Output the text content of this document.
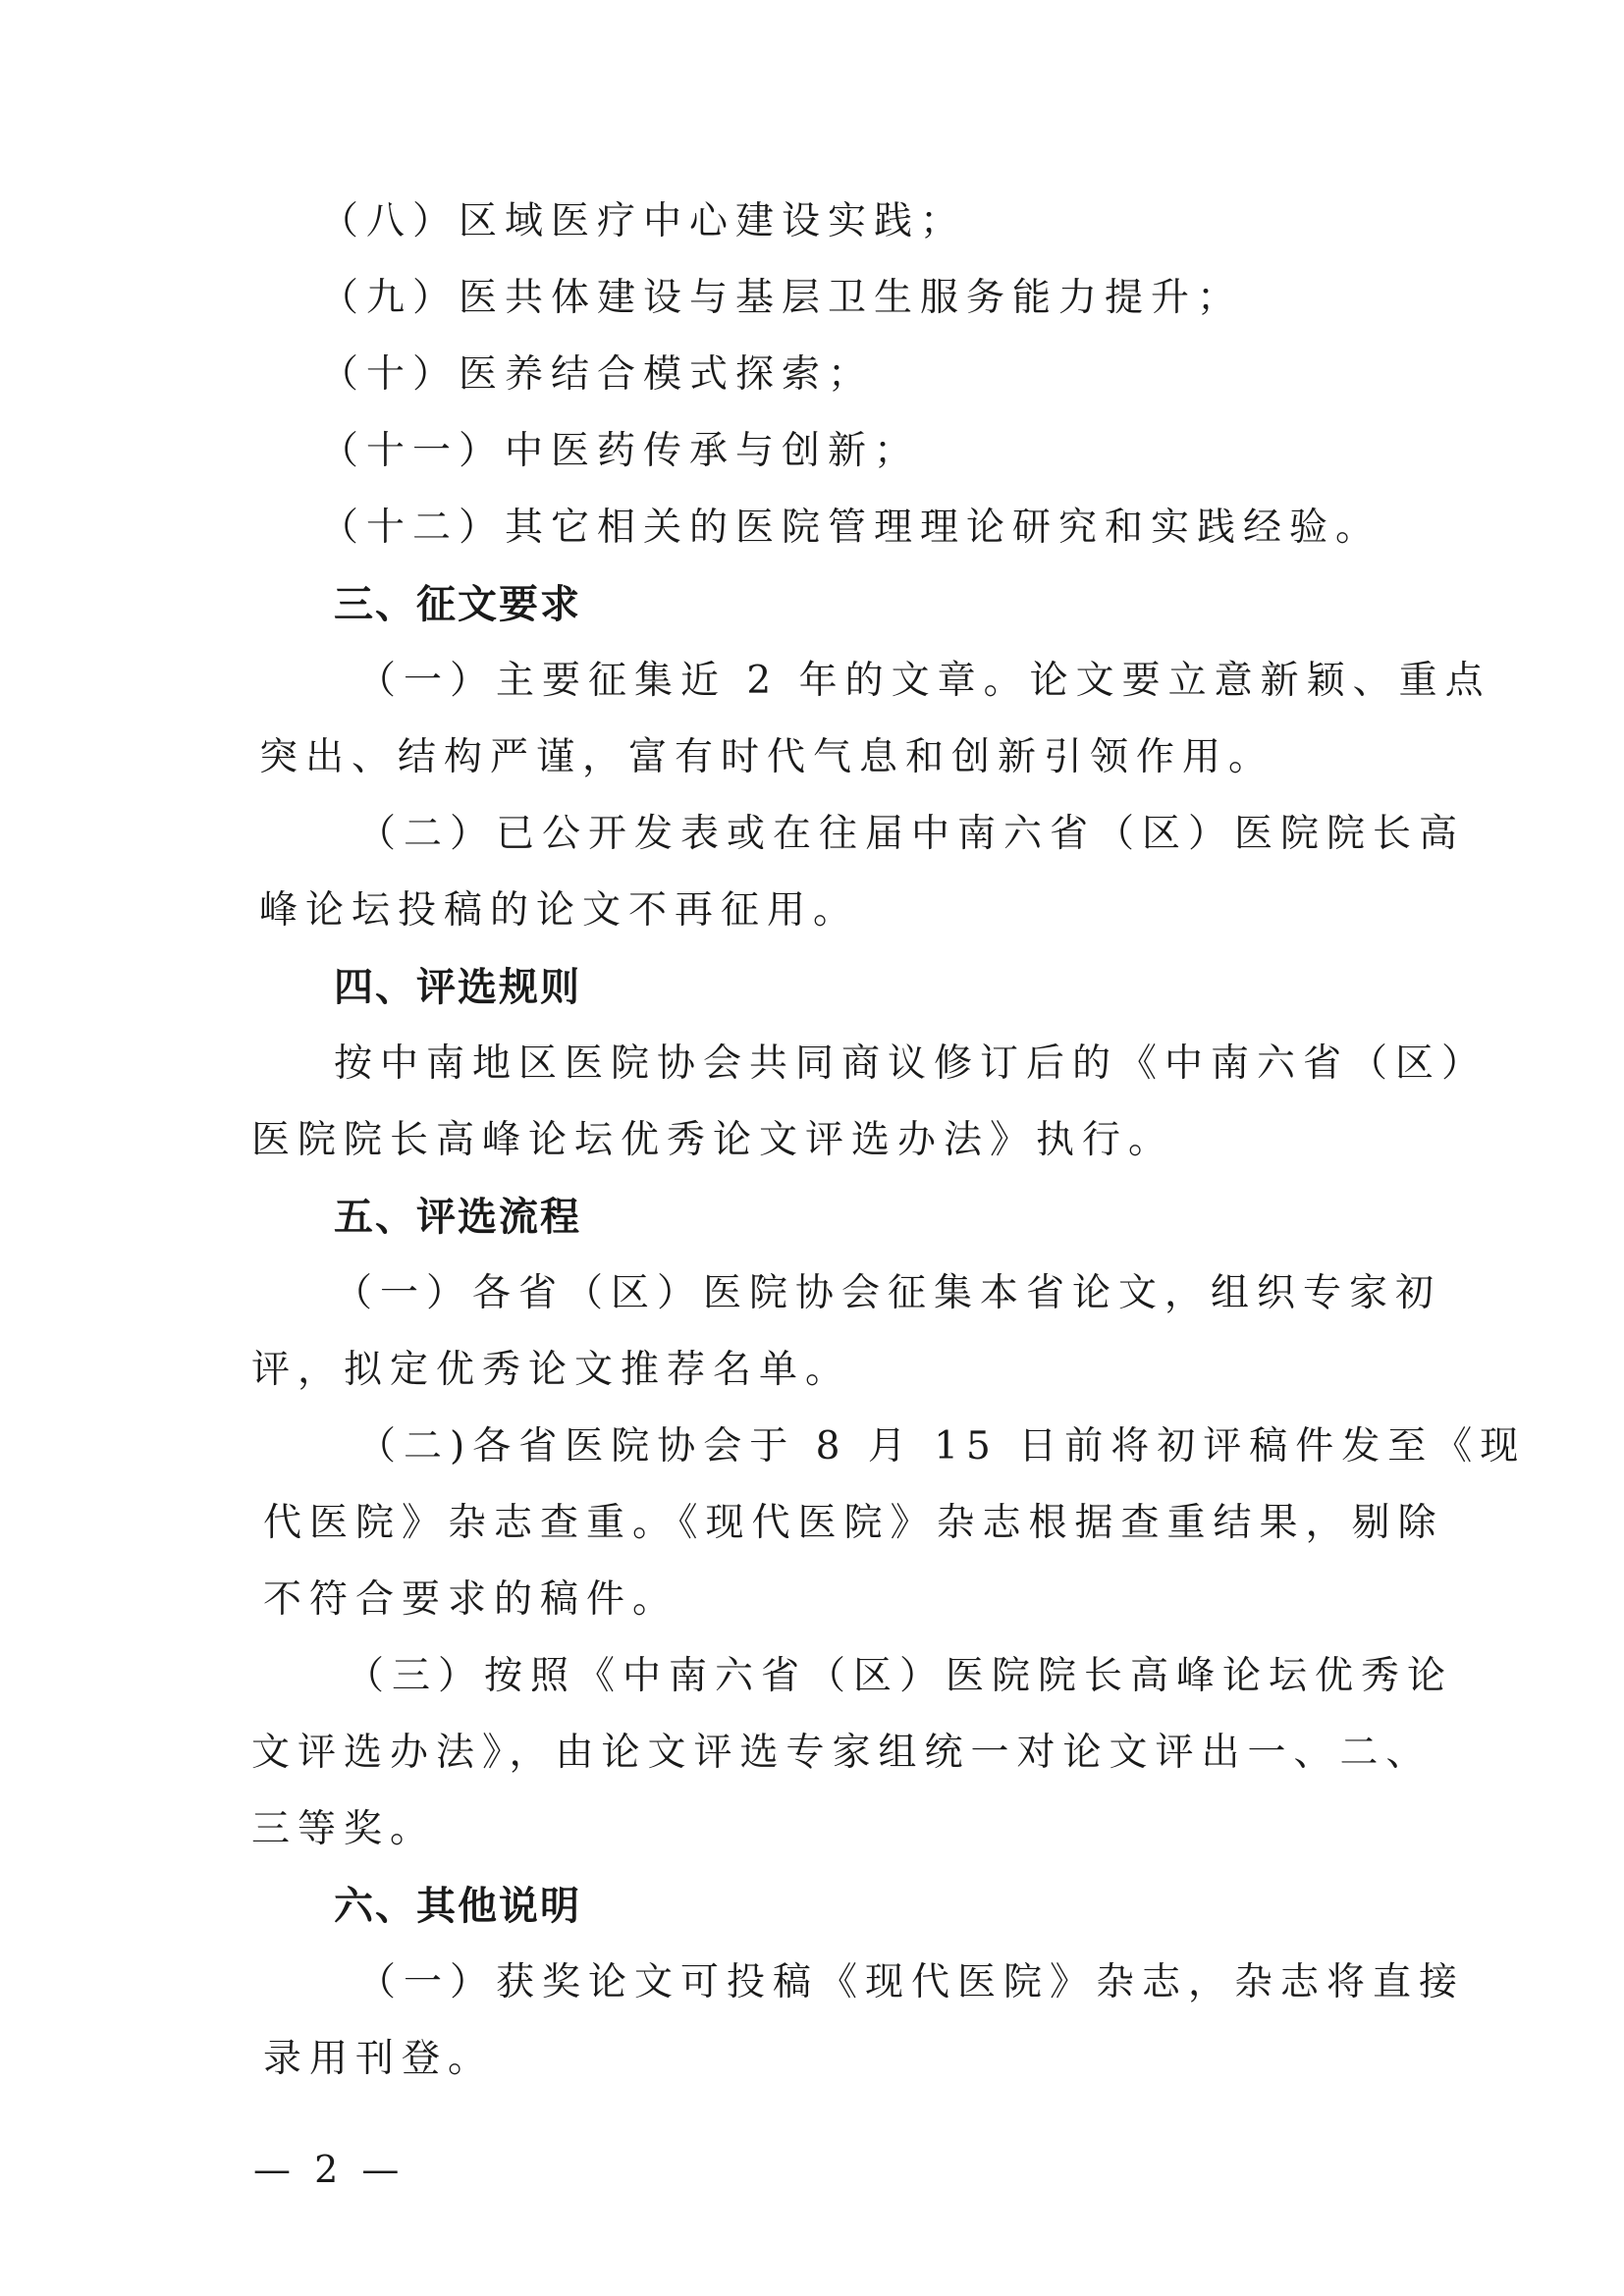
（八）区域医疗中心建设实践；
（九）医共体建设与基层卫生服务能力提升；
（十）医养结合模式探索；
（十一）中医药传承与创新；
（十二）其它相关的医院管理理论研究和实践经验。
三、征文要求
（一）主要征集近 2 年的文章。论文要立意新颖、重点
突出、结构严谨，富有时代气息和创新引领作用。
（二）已公开发表或在往届中南六省（区）医院院长高
峰论坛投稿的论文不再征用。
四、评选规则
按中南地区医院协会共同商议修订后的《中南六省（区）
医院院长高峰论坛优秀论文评选办法》执行。
五、评选流程
（一）各省（区）医院协会征集本省论文，组织专家初
评，拟定优秀论文推荐名单。
（二)各省医院协会于 8 月 15 日前将初评稿件发至《现
代医院》杂志查重。《现代医院》杂志根据查重结果，剔除
不符合要求的稿件。
（三）按照《中南六省（区）医院院长高峰论坛优秀论
文评选办法》，由论文评选专家组统一对论文评出一、二、
三等奖。
六、其他说明
（一）获奖论文可投稿《现代医院》杂志，杂志将直接
录用刊登。
— 2 —
